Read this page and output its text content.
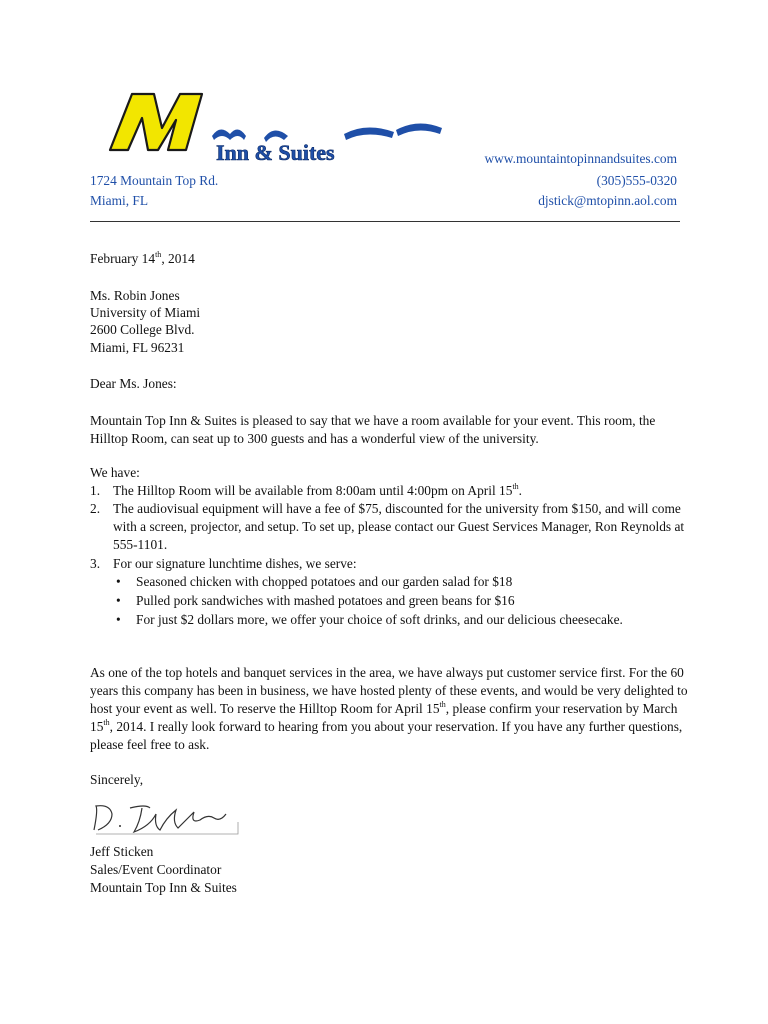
Inn & Suites	www.mountaintopinnandsuites.com
1724 Mountain Top Rd.	(305)555-0320
Miami, FL	djstick@mtopinn.aol.com
February 14th, 2014
Ms. Robin Jones
University of Miami
2600 College Blvd.
Miami, FL 96231
Dear Ms. Jones:
Mountain Top Inn & Suites is pleased to say that we have a room available for your event. This room, the Hilltop Room, can seat up to 300 guests and has a wonderful view of the university.
We have:
1. The Hilltop Room will be available from 8:00am until 4:00pm on April 15th.
2. The audiovisual equipment will have a fee of $75, discounted for the university from $150, and will come with a screen, projector, and setup. To set up, please contact our Guest Services Manager, Ron Reynolds at 555-1101.
3. For our signature lunchtime dishes, we serve:
• Seasoned chicken with chopped potatoes and our garden salad for $18
• Pulled pork sandwiches with mashed potatoes and green beans for $16
• For just $2 dollars more, we offer your choice of soft drinks, and our delicious cheesecake.
As one of the top hotels and banquet services in the area, we have always put customer service first. For the 60 years this company has been in business, we have hosted plenty of these events, and would be very delighted to host your event as well. To reserve the Hilltop Room for April 15th, please confirm your reservation by March 15th, 2014. I really look forward to hearing from you about your reservation. If you have any further questions, please feel free to ask.
Sincerely,
Jeff Sticken
Sales/Event Coordinator
Mountain Top Inn & Suites
